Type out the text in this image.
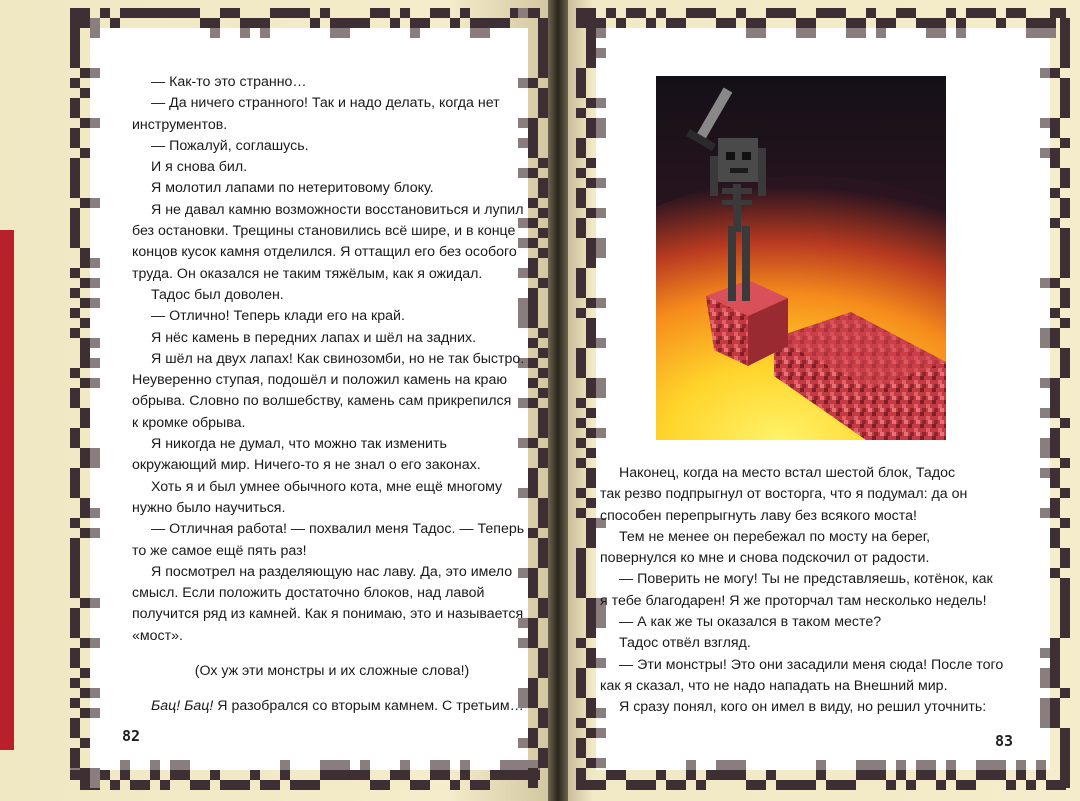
— Как-то это странно…

— Да ничего странного! Так и надо делать, когда нет

инструментов.

— Пожалуй, соглашусь.

И я снова бил.

Я молотил лапами по нетеритовому блоку.

Я не давал камню возможности восстановиться и лупил

без остановки. Трещины становились всё шире, и в конце

концов кусок камня отделился. Я оттащил его без особого

труда. Он оказался не таким тяжёлым, как я ожидал.

Тадос был доволен.

— Отлично! Теперь клади его на край.

Я нёс камень в передних лапах и шёл на задних.

Я шёл на двух лапах! Как свинозомби, но не так быстро.

Неуверенно ступая, подошёл и положил камень на краю

обрыва. Словно по волшебству, камень сам прикрепился

к кромке обрыва.

Я никогда не думал, что можно так изменить

окружающий мир. Ничего-то я не знал о его законах.

Хоть я и был умнее обычного кота, мне ещё многому

нужно было научиться.

— Отличная работа! — похвалил меня Тадос. — Теперь

то же самое ещё пять раз!

Я посмотрел на разделяющую нас лаву. Да, это имело

смысл. Если положить достаточно блоков, над лавой

получится ряд из камней. Как я понимаю, это и называется

«мост».

(Ох уж эти монстры и их сложные слова!)

Бац! Бац! Я разобрался со вторым камнем. С третьим…

82

Наконец, когда на место встал шестой блок, Тадос

так резво подпрыгнул от восторга, что я подумал: да он

способен перепрыгнуть лаву без всякого моста!

Тем не менее он перебежал по мосту на берег,

повернулся ко мне и снова подскочил от радости.

— Поверить не могу! Ты не представляешь, котёнок, как

я тебе благодарен! Я же проторчал там несколько недель!

— А как же ты оказался в таком месте?

Тадос отвёл взгляд.

— Эти монстры! Это они засадили меня сюда! После того

как я сказал, что не надо нападать на Внешний мир.

Я сразу понял, кого он имел в виду, но решил уточнить:

83
